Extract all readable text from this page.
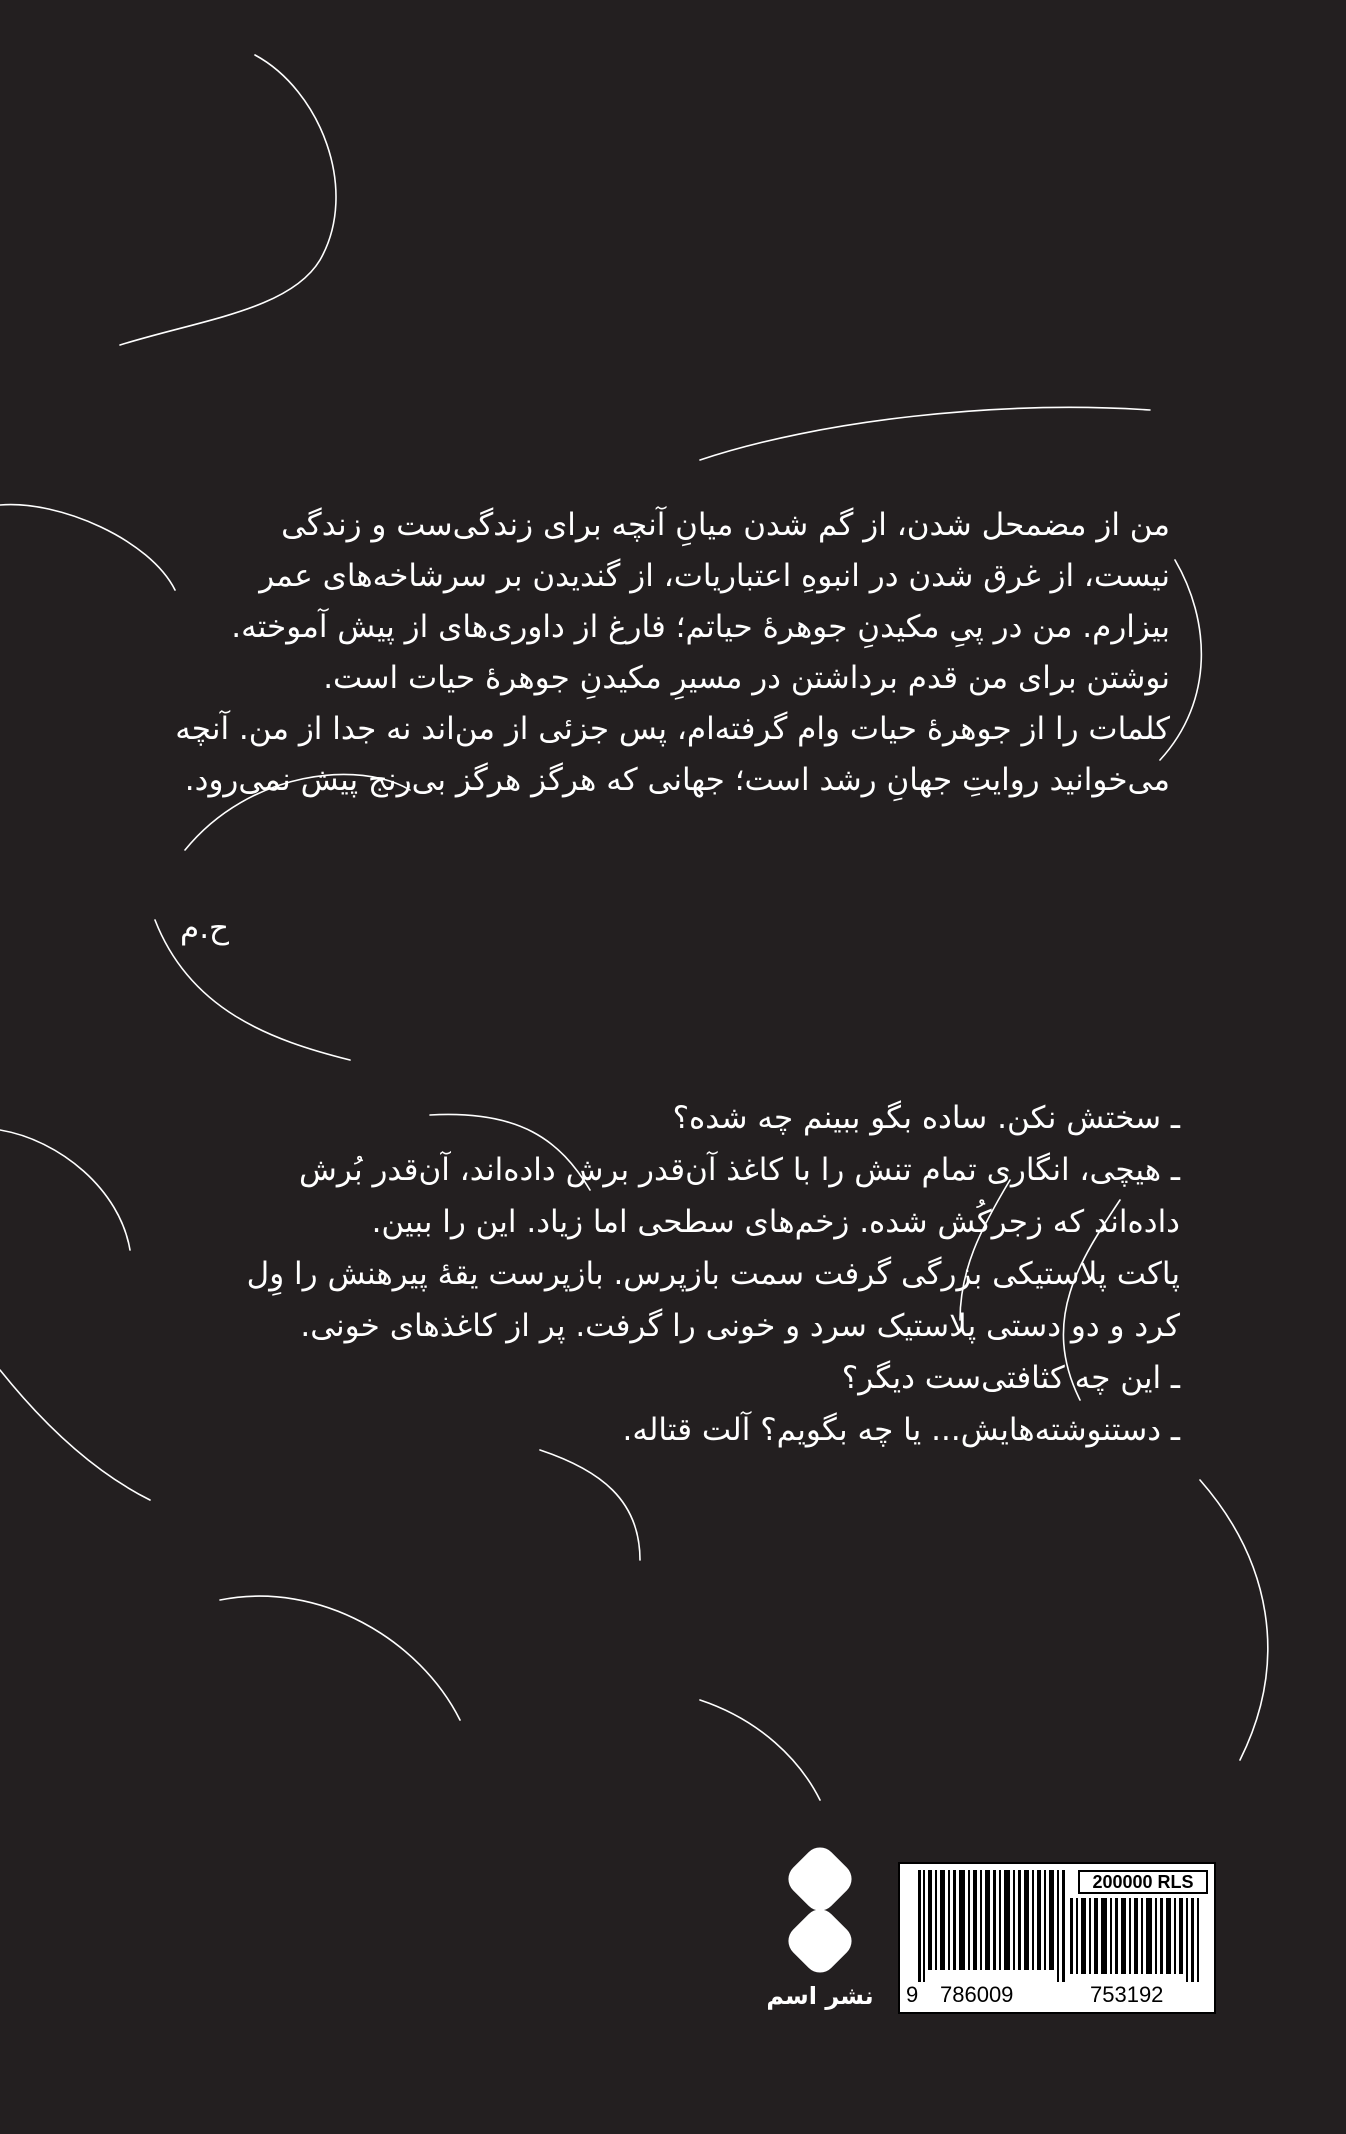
من از مضمحل شدن، از گم شدن میانِ آنچه برای زندگی‌ست و زندگی
نیست، از غرق شدن در انبوهِ اعتباریات، از گندیدن بر سرشاخه‌های عمر
بیزارم. من در پیِ مکیدنِ جوهرهٔ حیاتم؛ فارغ از داوری‌های از پیش آموخته.
نوشتن برای من قدم برداشتن در مسیرِ مکیدنِ جوهرهٔ حیات است.
کلمات را از جوهرهٔ حیات وام گرفته‌ام، پس جزئی از من‌اند نه جدا از من. آنچه
می‌خوانید روایتِ جهانِ رشد است؛ جهانی که هرگز هرگز بی‌رنج پیش نمی‌رود.
ح.م
ـ سختش نکن. ساده بگو ببینم چه شده؟
ـ هیچی، انگاری تمام تنش را با کاغذ آن‌قدر برش داده‌اند، آن‌قدر بُرش
داده‌اند که زجرکُش شده. زخم‌های سطحی اما زیاد. این را ببین.
پاکت پلاستیکی بزرگی گرفت سمت بازپرس. بازپرست یقهٔ پیرهنش را وِل
کرد و دو دستی پلاستیک سرد و خونی را گرفت. پر از کاغذهای خونی.
ـ این چه کثافتی‌ست دیگر؟
ـ دستنوشته‌هایش... یا چه بگویم؟ آلت قتاله.
نشر اسم
200000 RLS
9 786009	753192
